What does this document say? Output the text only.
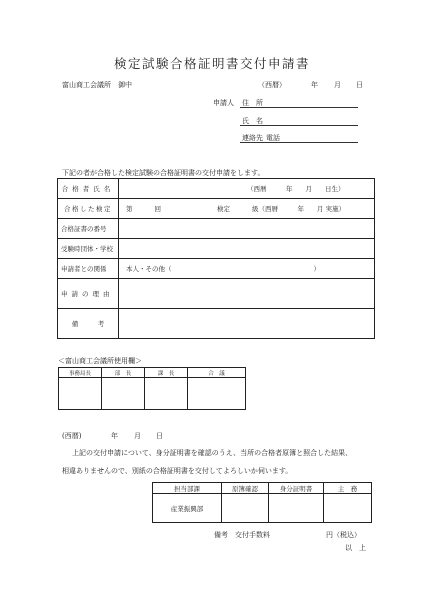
検定試験合格証明書交付申請書
富山商工会議所　御中	（西暦）	年 月 日
申請人 住　所
氏　名
連絡先 電話
下記の者が合格した検定試験の合格証明書の交付申請をします。
合格者氏名	（西暦　　　年　　月　　日生）
合格した検定	第 回 検定 級（西暦　　　年　　月 実施）
合格証書の番号	
受験時団体・学校	
申請者との関係	本人・その他（ ）
申請の理由	
備　　　考	
＜富山商工会議所使用欄＞
事務局長	部　長	課　長	合　議

(西暦)	年 月 日
上記の交付申請について、身分証明書を確認のうえ、当所の合格者原簿と照合した結果、
相違ありませんので、別紙の合格証明書を交付してよろしいか伺います。
担当部課	原簿確認	身分証明書	主　務
産業振興部			
備考　交付手数料	円（税込）
以　上
